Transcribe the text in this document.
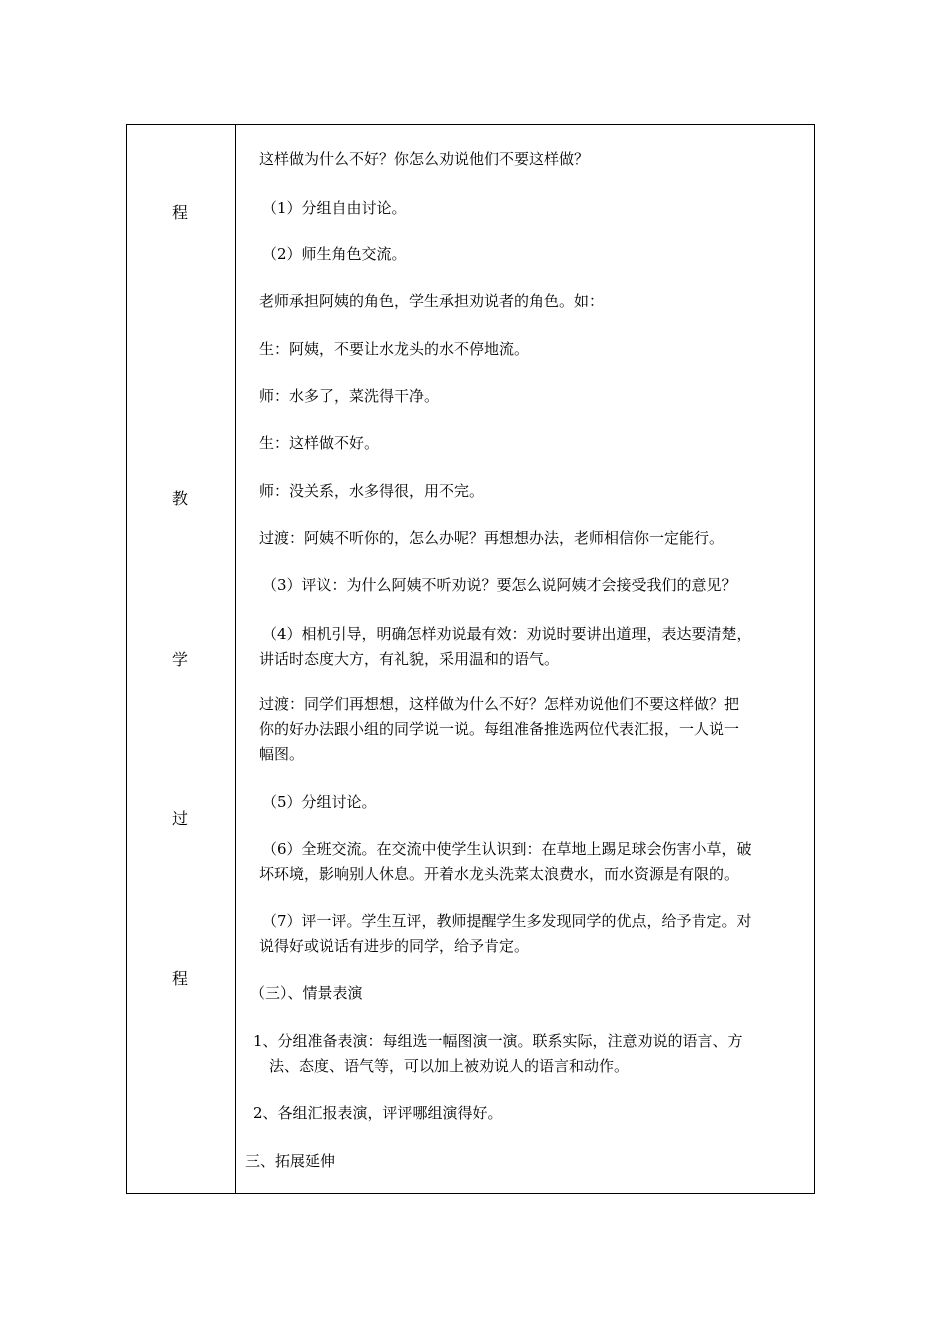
程
教
学
过
程
这样做为什么不好？你怎么劝说他们不要这样做？
（1）分组自由讨论。
（2）师生角色交流。
老师承担阿姨的角色，学生承担劝说者的角色。如：
生：阿姨，不要让水龙头的水不停地流。
师：水多了，菜洗得干净。
生：这样做不好。
师：没关系，水多得很，用不完。
过渡：阿姨不听你的，怎么办呢？再想想办法，老师相信你一定能行。
（3）评议：为什么阿姨不听劝说？要怎么说阿姨才会接受我们的意见？
（4）相机引导，明确怎样劝说最有效：劝说时要讲出道理，表达要清楚，
讲话时态度大方，有礼貌，采用温和的语气。
过渡：同学们再想想，这样做为什么不好？怎样劝说他们不要这样做？把
你的好办法跟小组的同学说一说。每组准备推选两位代表汇报，一人说一
幅图。
（5）分组讨论。
（6）全班交流。在交流中使学生认识到：在草地上踢足球会伤害小草，破
坏环境，影响别人休息。开着水龙头洗菜太浪费水，而水资源是有限的。
（7）评一评。学生互评，教师提醒学生多发现同学的优点，给予肯定。对
说得好或说话有进步的同学，给予肯定。
（三）、情景表演
1、分组准备表演：每组选一幅图演一演。联系实际，注意劝说的语言、方
法、态度、语气等，可以加上被劝说人的语言和动作。
2、各组汇报表演，评评哪组演得好。
三、拓展延伸
